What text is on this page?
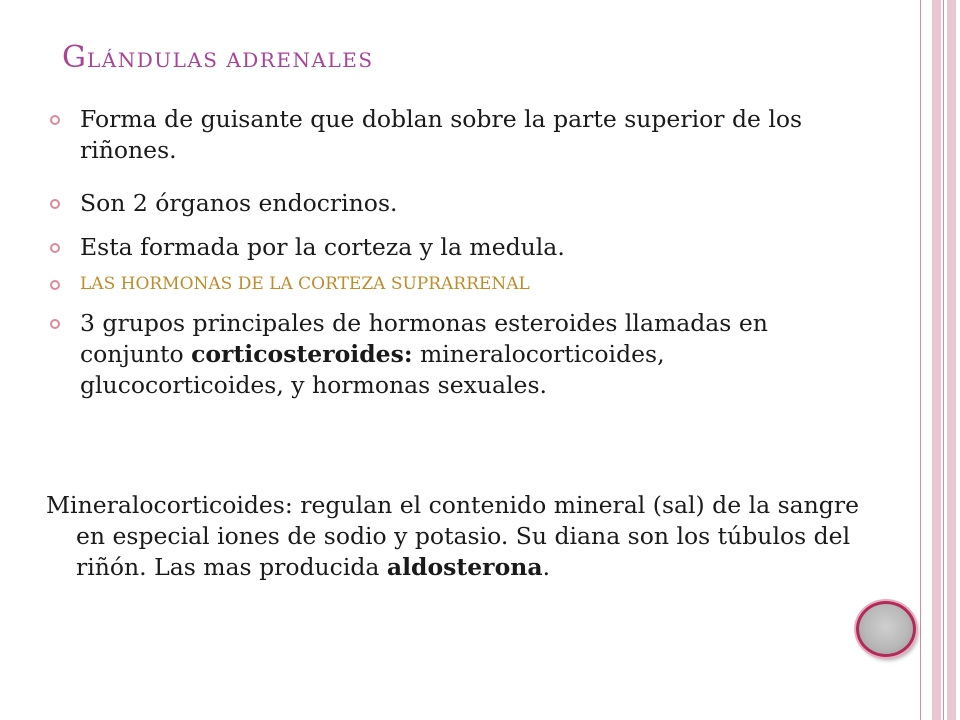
GLÁNDULAS ADRENALES
Forma de guisante que doblan sobre la parte superior de los riñones.
Son 2 órganos endocrinos.
Esta formada por la corteza y la medula.
LAS HORMONAS DE LA CORTEZA SUPRARRENAL
3 grupos principales de hormonas esteroides llamadas en conjunto corticosteroides: mineralocorticoides, glucocorticoides, y hormonas sexuales.
Mineralocorticoides: regulan el contenido mineral (sal) de la sangre en especial iones de sodio y potasio. Su diana son los túbulos del riñón. Las mas producida aldosterona.
